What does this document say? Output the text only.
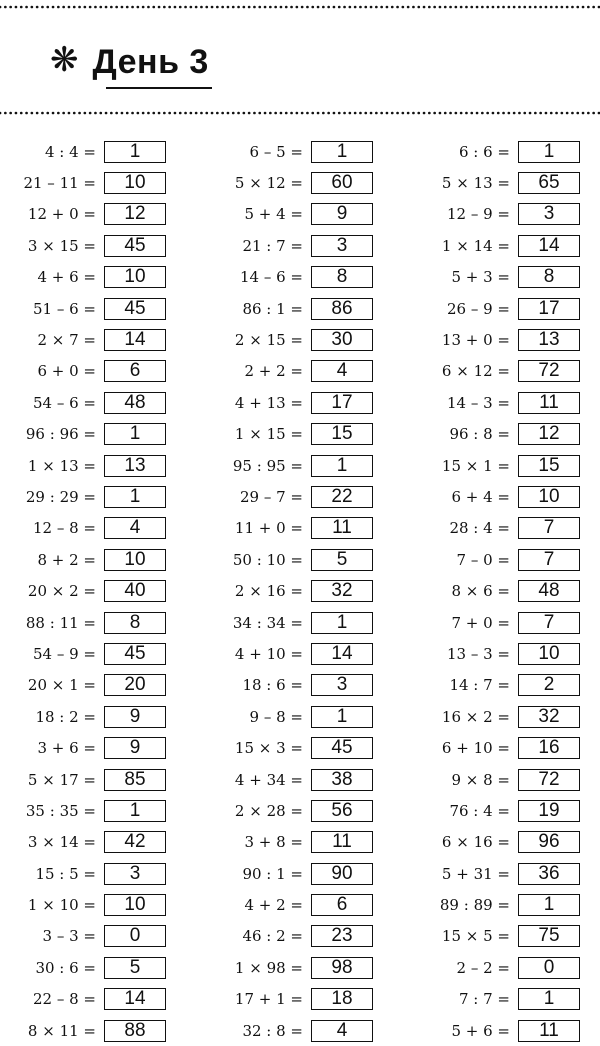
❋ День 3
4 : 4 =	1
21 – 11 =	10
12 + 0 =	12
3 × 15 =	45
4 + 6 =	10
51 – 6 =	45
2 × 7 =	14
6 + 0 =	6
54 – 6 =	48
96 : 96 =	1
1 × 13 =	13
29 : 29 =	1
12 – 8 =	4
8 + 2 =	10
20 × 2 =	40
88 : 11 =	8
54 – 9 =	45
20 × 1 =	20
18 : 2 =	9
3 + 6 =	9
5 × 17 =	85
35 : 35 =	1
3 × 14 =	42
15 : 5 =	3
1 × 10 =	10
3 – 3 =	0
30 : 6 =	5
22 – 8 =	14
8 × 11 =	88
6 – 5 =	1
5 × 12 =	60
5 + 4 =	9
21 : 7 =	3
14 – 6 =	8
86 : 1 =	86
2 × 15 =	30
2 + 2 =	4
4 + 13 =	17
1 × 15 =	15
95 : 95 =	1
29 – 7 =	22
11 + 0 =	11
50 : 10 =	5
2 × 16 =	32
34 : 34 =	1
4 + 10 =	14
18 : 6 =	3
9 – 8 =	1
15 × 3 =	45
4 + 34 =	38
2 × 28 =	56
3 + 8 =	11
90 : 1 =	90
4 + 2 =	6
46 : 2 =	23
1 × 98 =	98
17 + 1 =	18
32 : 8 =	4
6 : 6 =	1
5 × 13 =	65
12 – 9 =	3
1 × 14 =	14
5 + 3 =	8
26 – 9 =	17
13 + 0 =	13
6 × 12 =	72
14 – 3 =	11
96 : 8 =	12
15 × 1 =	15
6 + 4 =	10
28 : 4 =	7
7 – 0 =	7
8 × 6 =	48
7 + 0 =	7
13 – 3 =	10
14 : 7 =	2
16 × 2 =	32
6 + 10 =	16
9 × 8 =	72
76 : 4 =	19
6 × 16 =	96
5 + 31 =	36
89 : 89 =	1
15 × 5 =	75
2 – 2 =	0
7 : 7 =	1
5 + 6 =	11
